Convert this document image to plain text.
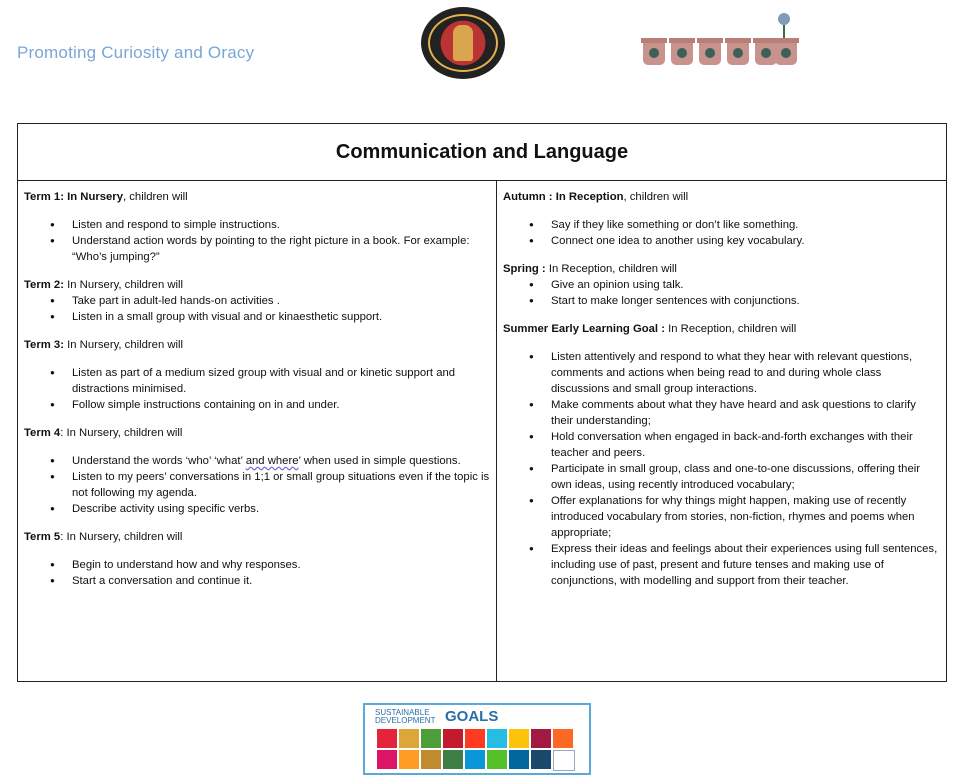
Promoting Curiosity and Oracy
Communication and Language

Term 1: In Nursery, children will

● Listen and respond to simple instructions.
● Understand action words by pointing to the right picture in a book. For example: “Who’s jumping?”

Term 2: In Nursery, children will

● Take part in adult-led hands-on activities .
● Listen in a small group with visual and or kinaesthetic support.

Term 3: In Nursery, children will

● Listen as part of a medium sized group with visual and or kinetic support and distractions minimised.
● Follow simple instructions containing on in and under.

Term 4: In Nursery, children will

● Understand the words ‘who’ ‘what’ and where’ when used in simple questions.
● Listen to my peers’ conversations in 1;1 or small group situations even if the topic is not following my agenda.
● Describe activity using specific verbs.

Term 5: In Nursery, children will

● Begin to understand how and why responses.
● Start a conversation and continue it.

Autumn : In Reception, children will

● Say if they like something or don’t like something.
● Connect one idea to another using key vocabulary.

Spring : In Reception, children will

● Give an opinion using talk.
● Start to make longer sentences with conjunctions.

Summer Early Learning Goal : In Reception, children will

● Listen attentively and respond to what they hear with relevant questions, comments and actions when being read to and during whole class discussions and small group interactions.
● Make comments about what they have heard and ask questions to clarify their understanding;
● Hold conversation when engaged in back-and-forth exchanges with their teacher and peers.
● Participate in small group, class and one-to-one discussions, offering their own ideas, using recently introduced vocabulary;
● Offer explanations for why things might happen, making use of recently introduced vocabulary from stories, non-fiction, rhymes and poems when appropriate;
● Express their ideas and feelings about their experiences using full sentences, including use of past, present and future tenses and making use of conjunctions, with modelling and support from their teacher.
SUSTAINABLE
DEVELOPMENT GOALS
